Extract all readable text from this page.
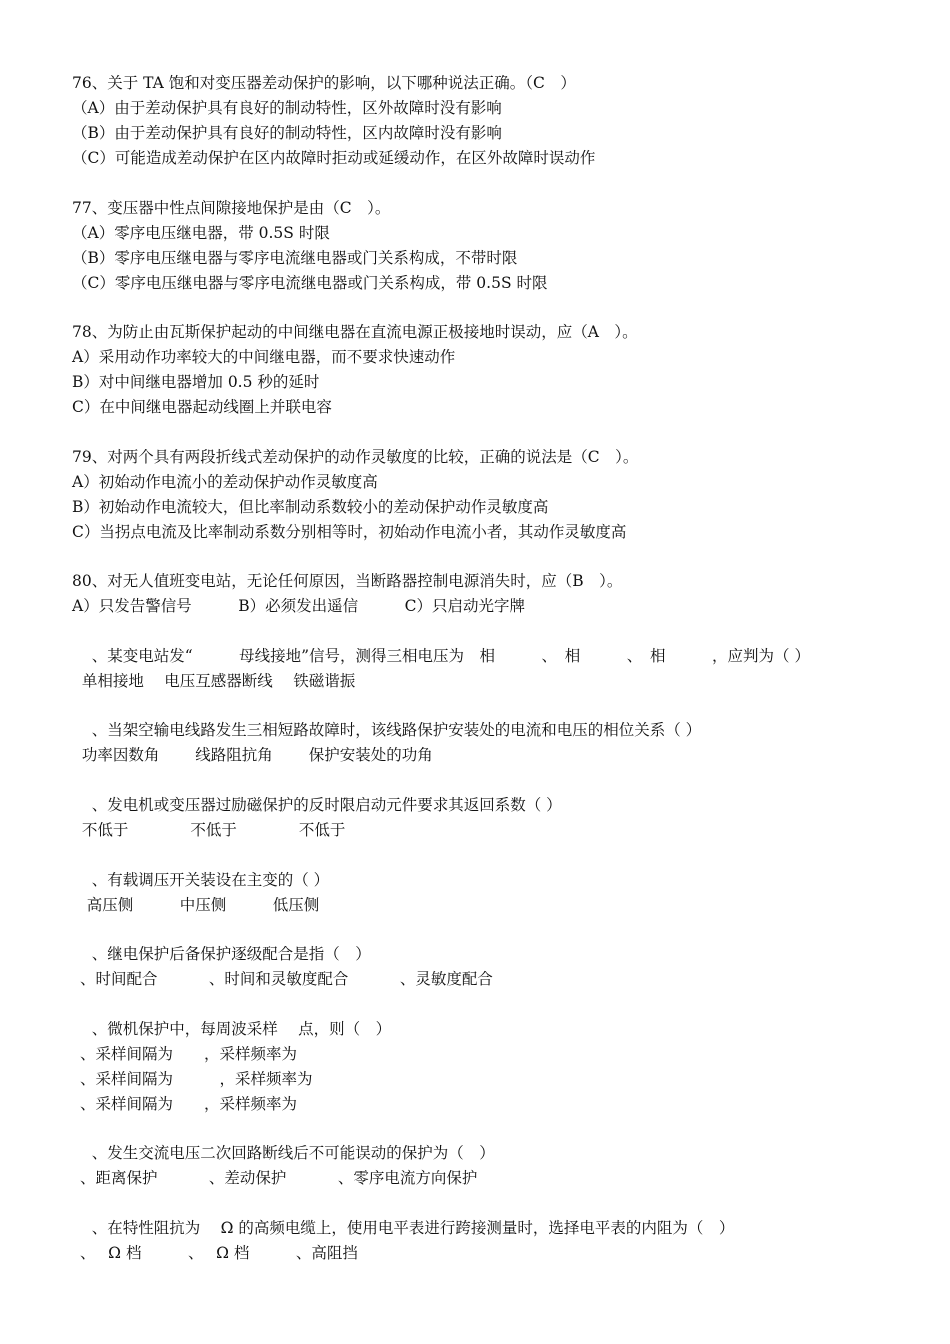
76、关于 TA 饱和对变压器差动保护的影响，以下哪种说法正确。（C　）
（A）由于差动保护具有良好的制动特性，区外故障时没有影响
（B）由于差动保护具有良好的制动特性，区内故障时没有影响
（C）可能造成差动保护在区内故障时拒动或延缓动作，在区外故障时误动作
77、变压器中性点间隙接地保护是由（C　）。
（A）零序电压继电器，带 0.5S 时限
（B）零序电压继电器与零序电流继电器或门关系构成，不带时限
（C）零序电压继电器与零序电流继电器或门关系构成，带 0.5S 时限
78、为防止由瓦斯保护起动的中间继电器在直流电源正极接地时误动，应（A　）。
A）采用动作功率较大的中间继电器，而不要求快速动作
B）对中间继电器增加 0.5 秒的延时
C）在中间继电器起动线圈上并联电容
79、对两个具有两段折线式差动保护的动作灵敏度的比较，正确的说法是（C　）。
A）初始动作电流小的差动保护动作灵敏度高
B）初始动作电流较大，但比率制动系数较小的差动保护动作灵敏度高
C）当拐点电流及比率制动系数分别相等时，初始动作电流小者，其动作灵敏度高
80、对无人值班变电站，无论任何原因，当断路器控制电源消失时，应（B　）。
A）只发告警信号　　　B）必须发出遥信　　　C）只启动光字牌
、某变电站发“　　　母线接地”信号，测得三相电压为　相　　　、　相　　　、　相　　　，应判为（ ）
单相接地　 电压互感器断线　 铁磁谐振
、当架空输电线路发生三相短路故障时，该线路保护安装处的电流和电压的相位关系（ ）
功率因数角　　 线路阻抗角　　 保护安装处的功角
、发电机或变压器过励磁保护的反时限启动元件要求其返回系数（ ）
不低于　　　　不低于　　　　不低于
、有载调压开关装设在主变的（ ）
高压侧　　　中压侧　　　低压侧
、继电保护后备保护逐级配合是指（　）
、时间配合　　　 、时间和灵敏度配合　　　 、灵敏度配合
、微机保护中，每周波采样　 点，则（　）
、采样间隔为　　，采样频率为
、采样间隔为　　　，采样频率为
、采样间隔为　　，采样频率为
、发生交流电压二次回路断线后不可能误动的保护为（　）
、距离保护　　　 、差动保护　　　 、零序电流方向保护
、在特性阻抗为　 Ω 的高频电缆上，使用电平表进行跨接测量时，选择电平表的内阻为（　）
、　 Ω 档　　　、　 Ω 档　　　、高阻挡
